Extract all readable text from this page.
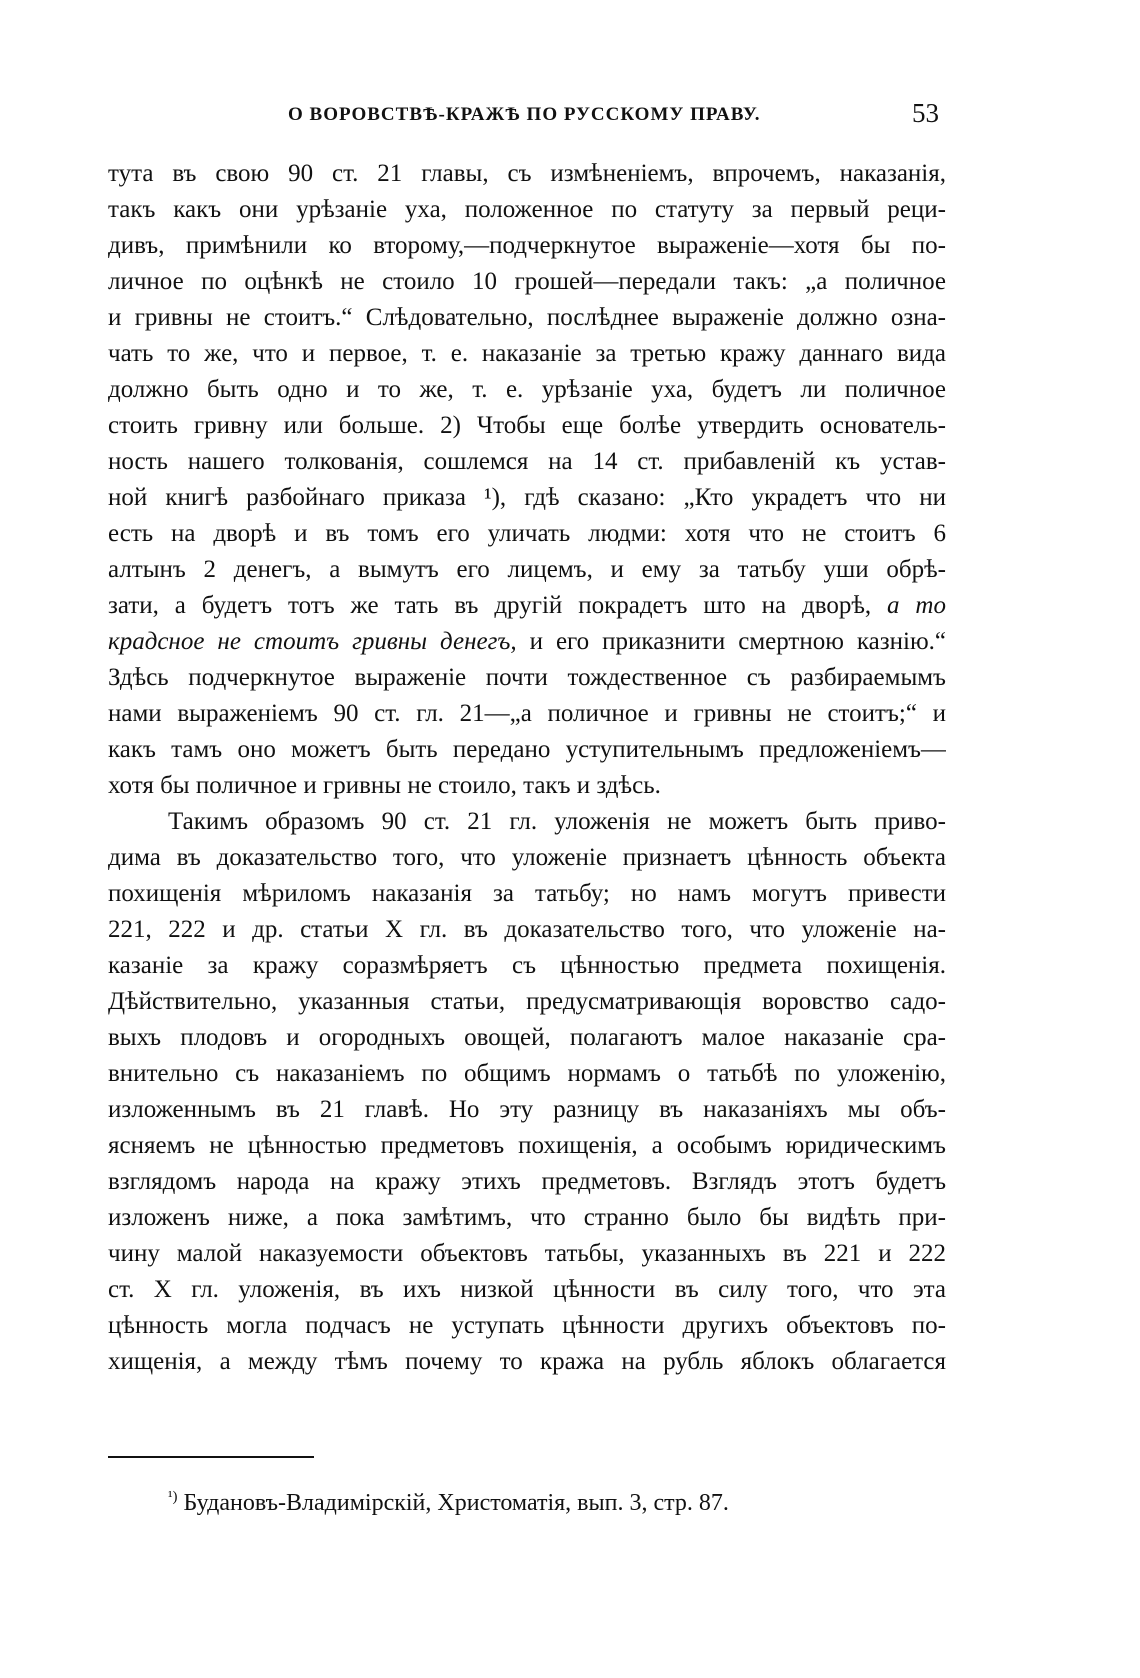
О ВОРОВСТВѢ-КРАЖѢ ПО РУССКОМУ ПРАВУ.	53
тута въ свою 90 ст. 21 главы, съ измѣненіемъ, впрочемъ, наказанія,
такъ какъ они урѣзаніе уха, положенное по статуту за первый реци-
дивъ, примѣнили ко второму,—подчеркнутое выраженіе—хотя бы по-
личное по оцѣнкѣ не стоило 10 грошей—передали такъ: „а поличное
и гривны не стоитъ.“ Слѣдовательно, послѣднее выраженіе должно озна-
чать то же, что и первое, т. е. наказаніе за третью кражу даннаго вида
должно быть одно и то же, т. е. урѣзаніе уха, будетъ ли поличное
стоить гривну или больше. 2) Чтобы еще болѣе утвердить основатель-
ность нашего толкованія, сошлемся на 14 ст. прибавленій къ устав-
ной книгѣ разбойнаго приказа ¹), гдѣ сказано: „Кто украдетъ что ни
есть на дворѣ и въ томъ его уличать людми: хотя что не стоитъ 6
алтынъ 2 денегъ, а вымутъ его лицемъ, и ему за татьбу уши обрѣ-
зати, а будетъ тотъ же тать въ другій покрадетъ што на дворѣ, а то
крадсное не стоитъ гривны денегъ, и его приказнити смертною казнію.“
Здѣсь подчеркнутое выраженіе почти тождественное съ разбираемымъ
нами выраженіемъ 90 ст. гл. 21—„а поличное и гривны не стоитъ;“ и
какъ тамъ оно можетъ быть передано уступительнымъ предложеніемъ—
хотя бы поличное и гривны не стоило, такъ и здѣсь.
Такимъ образомъ 90 ст. 21 гл. уложенія не можетъ быть приво-
дима въ доказательство того, что уложеніе признаетъ цѣнность объекта
похищенія мѣриломъ наказанія за татьбу; но намъ могутъ привести
221, 222 и др. статьи X гл. въ доказательство того, что уложеніе на-
казаніе за кражу соразмѣряетъ съ цѣнностью предмета похищенія.
Дѣйствительно, указанныя статьи, предусматривающія воровство садо-
выхъ плодовъ и огородныхъ овощей, полагаютъ малое наказаніе сра-
внительно съ наказаніемъ по общимъ нормамъ о татьбѣ по уложенію,
изложеннымъ въ 21 главѣ. Но эту разницу въ наказаніяхъ мы объ-
ясняемъ не цѣнностью предметовъ похищенія, а особымъ юридическимъ
взглядомъ народа на кражу этихъ предметовъ. Взглядъ этотъ будетъ
изложенъ ниже, а пока замѣтимъ, что странно было бы видѣть при-
чину малой наказуемости объектовъ татьбы, указанныхъ въ 221 и 222
ст. X гл. уложенія, въ ихъ низкой цѣнности въ силу того, что эта
цѣнность могла подчасъ не уступать цѣнности другихъ объектовъ по-
хищенія, а между тѣмъ почему то кража на рубль яблокъ облагается
$^{^1)}$ Будановъ-Владимірскій, Христоматія, вып. 3, стр. 87.
